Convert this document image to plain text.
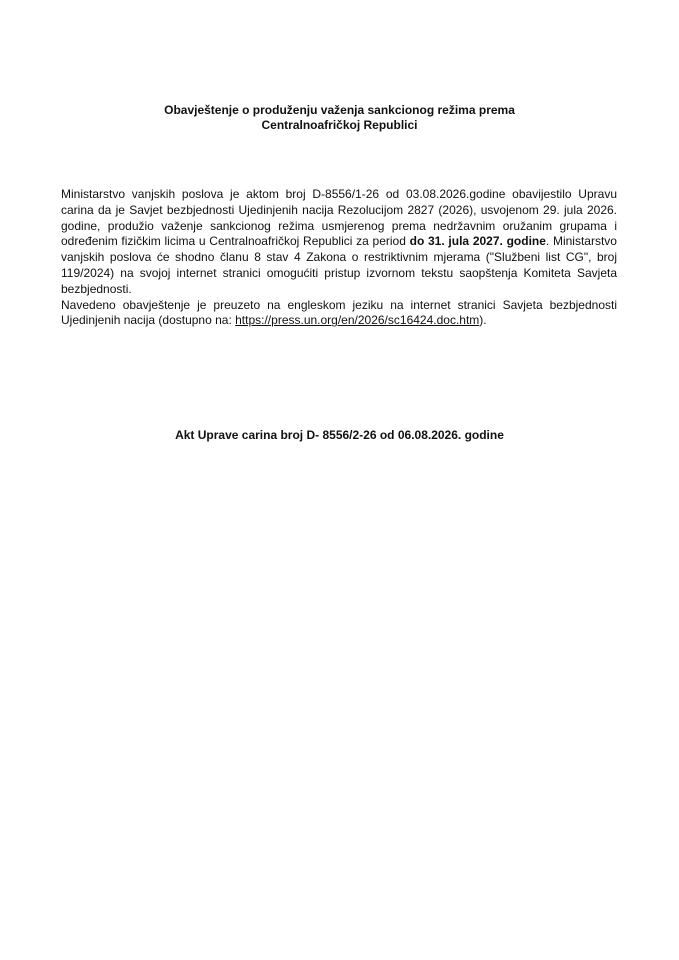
Obavještenje o produženju važenja sankcionog režima prema
Centralnoafričkoj Republici

Ministarstvo vanjskih poslova je aktom broj D-8556/1-26 od 03.08.2026.godine obavijestilo Upravu carina da je Savjet bezbjednosti Ujedinjenih nacija Rezolucijom 2827 (2026), usvojenom 29. jula 2026. godine, produžio važenje sankcionog režima usmjerenog prema nedržavnim oružanim grupama i određenim fizičkim licima u Centralnoafričkoj Republici za period do 31. jula 2027. godine. Ministarstvo vanjskih poslova će shodno članu 8 stav 4 Zakona o restriktivnim mjerama ("Službeni list CG", broj 119/2024) na svojoj internet stranici omogućiti pristup izvornom tekstu saopštenja Komiteta Savjeta bezbjednosti.

Navedeno obavještenje je preuzeto na engleskom jeziku na internet stranici Savjeta bezbjednosti Ujedinjenih nacija (dostupno na: https://press.un.org/en/2026/sc16424.doc.htm).

Akt Uprave carina broj D- 8556/2-26 od 06.08.2026. godine
